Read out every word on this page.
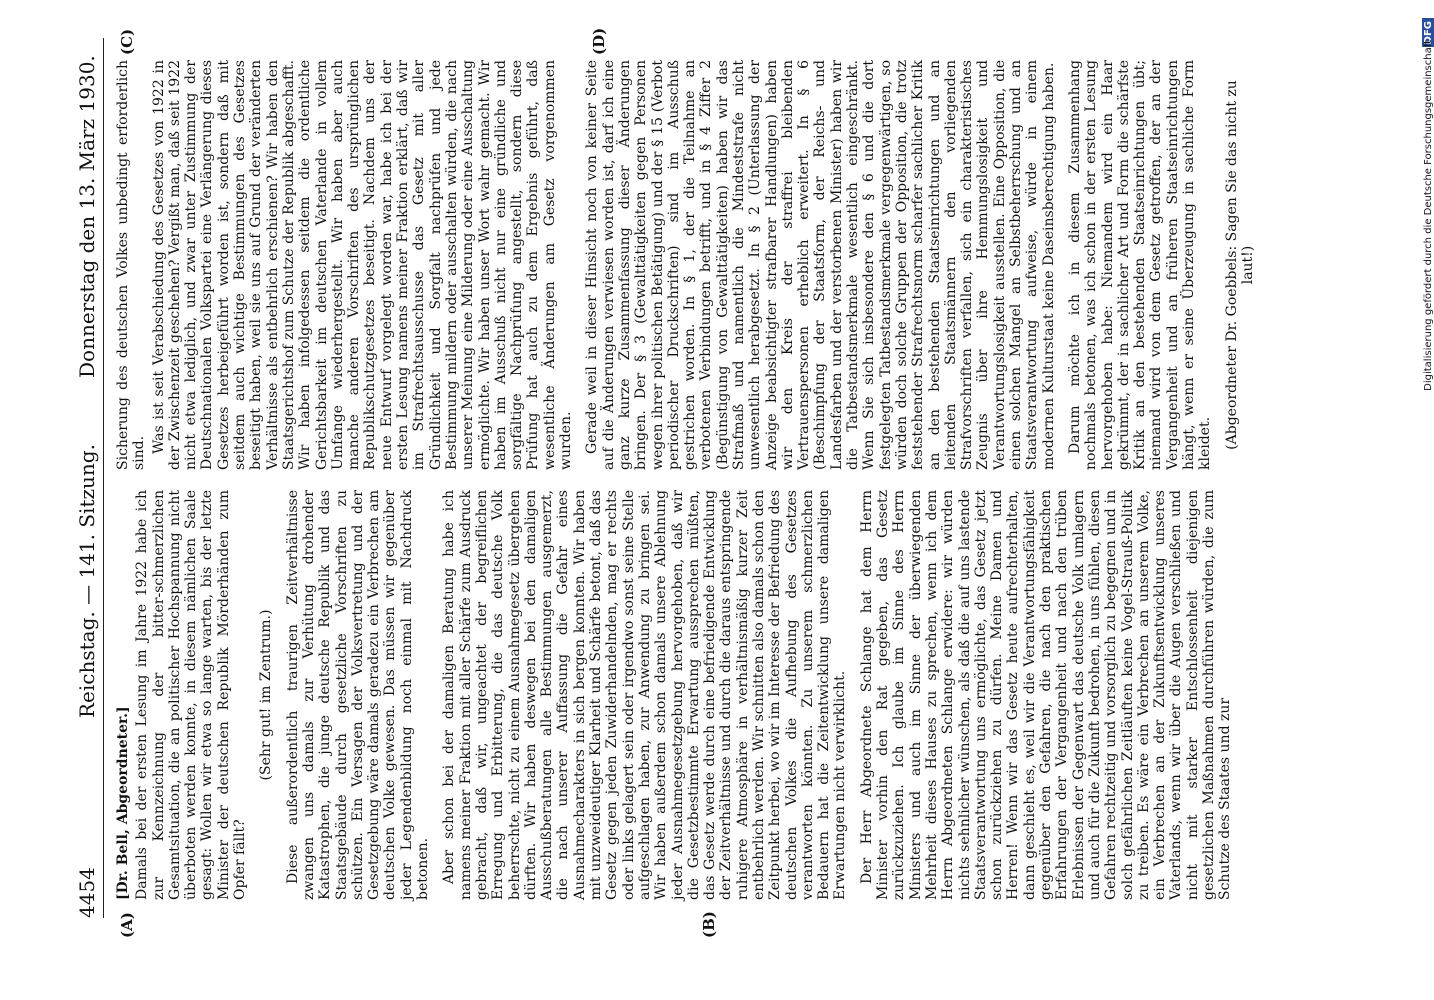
4454
Reichstag. — 141. Sitzung.
Donnerstag den 13. März 1930.
(A)	(B)
(C)	(D)

[Dr. Bell, Abgeordneter.] Damals bei der ersten Lesung im Jahre 1922 habe ich zur Kennzeichnung der bitter-schmerzlichen Gesamtsituation, die an politischer Hochspannung nicht überboten werden konnte, in diesem nämlichen Saale gesagt: Wollen wir etwa so lange warten, bis der letzte Minister der deutschen Republik Mörderhänden zum Opfer fällt?

(Sehr gut! im Zentrum.) Diese außerordentlich traurigen Zeitverhältnisse zwangen uns damals zur Verhütung drohender Katastrophen, die junge deutsche Republik und das Staatsgebäude durch gesetzliche Vorschriften zu schützen. Ein Versagen der Volksvertretung und der Gesetzgebung wäre damals geradezu ein Verbrechen am deutschen Volke gewesen. Das müssen wir gegenüber jeder Legendenbildung noch einmal mit Nachdruck betonen. Aber schon bei der damaligen Beratung habe ich namens meiner Fraktion mit aller Schärfe zum Ausdruck gebracht, daß wir, ungeachtet der begreiflichen Erregung und Erbitterung, die das deutsche Volk beherrschte, nicht zu einem Ausnahmegesetz übergehen dürften. Wir haben deswegen bei den damaligen Ausschußberatungen alle Bestimmungen ausgemerzt, die nach unserer Auffassung die Gefahr eines Ausnahmecharakters in sich bergen konnten. Wir haben mit unzweideutiger Klarheit und Schärfe betont, daß das Gesetz gegen jeden Zuwiderhandelnden, mag er rechts oder links gelagert sein oder irgendwo sonst seine Stelle aufgeschlagen haben, zur Anwendung zu bringen sei. Wir haben außerdem schon damals unsere Ablehnung jeder Ausnahmegesetzgebung hervorgehoben, daß wir die Gesetzbestimmte Erwartung aussprechen müßten, das Gesetz werde durch eine befriedigende Entwicklung der Zeitverhältnisse und durch die daraus entspringende ruhigere Atmosphäre in verhältnismäßig kurzer Zeit entbehrlich werden. Wir schnitten also damals schon den Zeitpunkt herbei, wo wir im Interesse der Befriedung des deutschen Volkes die Aufhebung des Gesetzes verantworten könnten. Zu unserem schmerzlichen Bedauern hat die Zeitentwicklung unsere damaligen Erwartungen nicht verwirklicht. Der Herr Abgeordnete Schlange hat dem Herrn Minister vorhin den Rat gegeben, das Gesetz zurückzuziehen. Ich glaube im Sinne des Herrn Ministers und auch im Sinne der überwiegenden Mehrheit dieses Hauses zu sprechen, wenn ich dem Herrn Abgeordneten Schlange erwidere: wir würden nichts sehnlicher wünschen, als daß die auf uns lastende Staatsverantwortung uns ermöglichte, das Gesetz jetzt schon zurückziehen zu dürfen. Meine Damen und Herren! Wenn wir das Gesetz heute aufrechterhalten, dann geschieht es, weil wir die Verantwortungsfähigkeit gegenüber den Gefahren, die nach den praktischen Erfahrungen der Vergangenheit und nach den trüben Erlebnissen der Gegenwart das deutsche Volk umlagern und auch für die Zukunft bedrohen, in uns fühlen, diesen Gefahren rechtzeitig und vorsorglich zu begegnen und in solch gefährlichen Zeitläuften keine Vogel-Strauß-Politik zu treiben. Es wäre ein Verbrechen an unserem Volke, ein Verbrechen an der Zukunftsentwicklung unseres Vaterlands, wenn wir über die Augen verschließen und nicht mit starker Entschlossenheit diejenigen gesetzlichen Maßnahmen durchführen würden, die zum Schutze des Staates und zur

Sicherung des deutschen Volkes unbedingt erforderlich sind. Was ist seit Verabschiedung des Gesetzes von 1922 in der Zwischenzeit geschehen? Vergißt man, daß seit 1922 nicht etwa lediglich, und zwar unter Zustimmung der Deutschnationalen Volkspartei eine Verlängerung dieses Gesetzes herbeigeführt worden ist, sondern daß mit seitdem auch wichtige Bestimmungen des Gesetzes beseitigt haben, weil sie uns auf Grund der veränderten Verhältnisse als entbehrlich erschienen? Wir haben den Staatsgerichtshof zum Schutze der Republik abgeschafft. Wir haben infolgedessen seitdem die ordentliche Gerichtsbarkeit im deutschen Vaterlande in vollem Umfange wiederhergestellt. Wir haben aber auch manche anderen Vorschriften des ursprünglichen Republikschutzgesetzes beseitigt. Nachdem uns der neue Entwurf vorgelegt worden war, habe ich bei der ersten Lesung namens meiner Fraktion erklärt, daß wir im Strafrechtsausschusse das Gesetz mit aller Gründlichkeit und Sorgfalt nachprüfen und jede Bestimmung mildern oder ausschalten würden, die nach unserer Meinung eine Milderung oder eine Ausschaltung ermöglichte. Wir haben unser Wort wahr gemacht. Wir haben im Ausschuß nicht nur eine gründliche und sorgfältige Nachprüfung angestellt, sondern diese Prüfung hat auch zu dem Ergebnis geführt, daß wesentliche Änderungen am Gesetz vorgenommen wurden. Gerade weil in dieser Hinsicht noch von keiner Seite auf die Änderungen verwiesen worden ist, darf ich eine ganz kurze Zusammenfassung dieser Änderungen bringen. Der § 3 (Gewalttätigkeiten gegen Personen wegen ihrer politischen Betätigung) und der § 15 (Verbot periodischer Druckschriften) sind im Ausschuß gestrichen worden. In § 1, der die Teilnahme an verbotenen Verbindungen betrifft, und in § 4 Ziffer 2 (Begünstigung von Gewalttätigkeiten) haben wir das Strafmaß und namentlich die Mindeststrafe nicht unwesentlich herabgesetzt. In § 2 (Unterlassung der Anzeige beabsichtigter strafbarer Handlungen) haben wir den Kreis der straffrei bleibenden Vertrauenspersonen erheblich erweitert. In § 6 (Beschimpfung der Staatsform, der Reichs- und Landesfarben und der verstorbenen Minister) haben wir die Tatbestandsmerkmale wesentlich eingeschränkt. Wenn Sie sich insbesondere den § 6 und die dort festgelegten Tatbestandsmerkmale vergegenwärtigen, so würden doch solche Gruppen der Opposition, die trotz feststehender Strafrechtsnorm scharfer sachlicher Kritik an den bestehenden Staatseinrichtungen und an leitenden Staatsmännern den vorliegenden Strafvorschriften verfallen, sich ein charakteristisches Zeugnis über ihre Hemmungslosigkeit und Verantwortungslosigkeit ausstellen. Eine Opposition, die einen solchen Mangel an Selbstbeherrschung und an Staatsverantwortung aufweise, würde in einem modernen Kulturstaat keine Daseinsberechtigung haben. Darum möchte ich in diesem Zusammenhang nochmals betonen, was ich schon in der ersten Lesung hervorgehoben habe: Niemandem wird ein Haar gekrümmt, der in sachlicher Art und Form die schärfste Kritik an den bestehenden Staatseinrichtungen übt; niemand wird von dem Gesetz getroffen, der an der Vergangenheit und an früheren Staatseinrichtungen hängt, wenn er seine Überzeugung in sachliche Form kleidet. (Abgeordneter Dr. Goebbels: Sagen Sie das nicht zu laut!)

DFG
Digitalisierung gefördert durch die Deutsche Forschungsgemeinschaft
